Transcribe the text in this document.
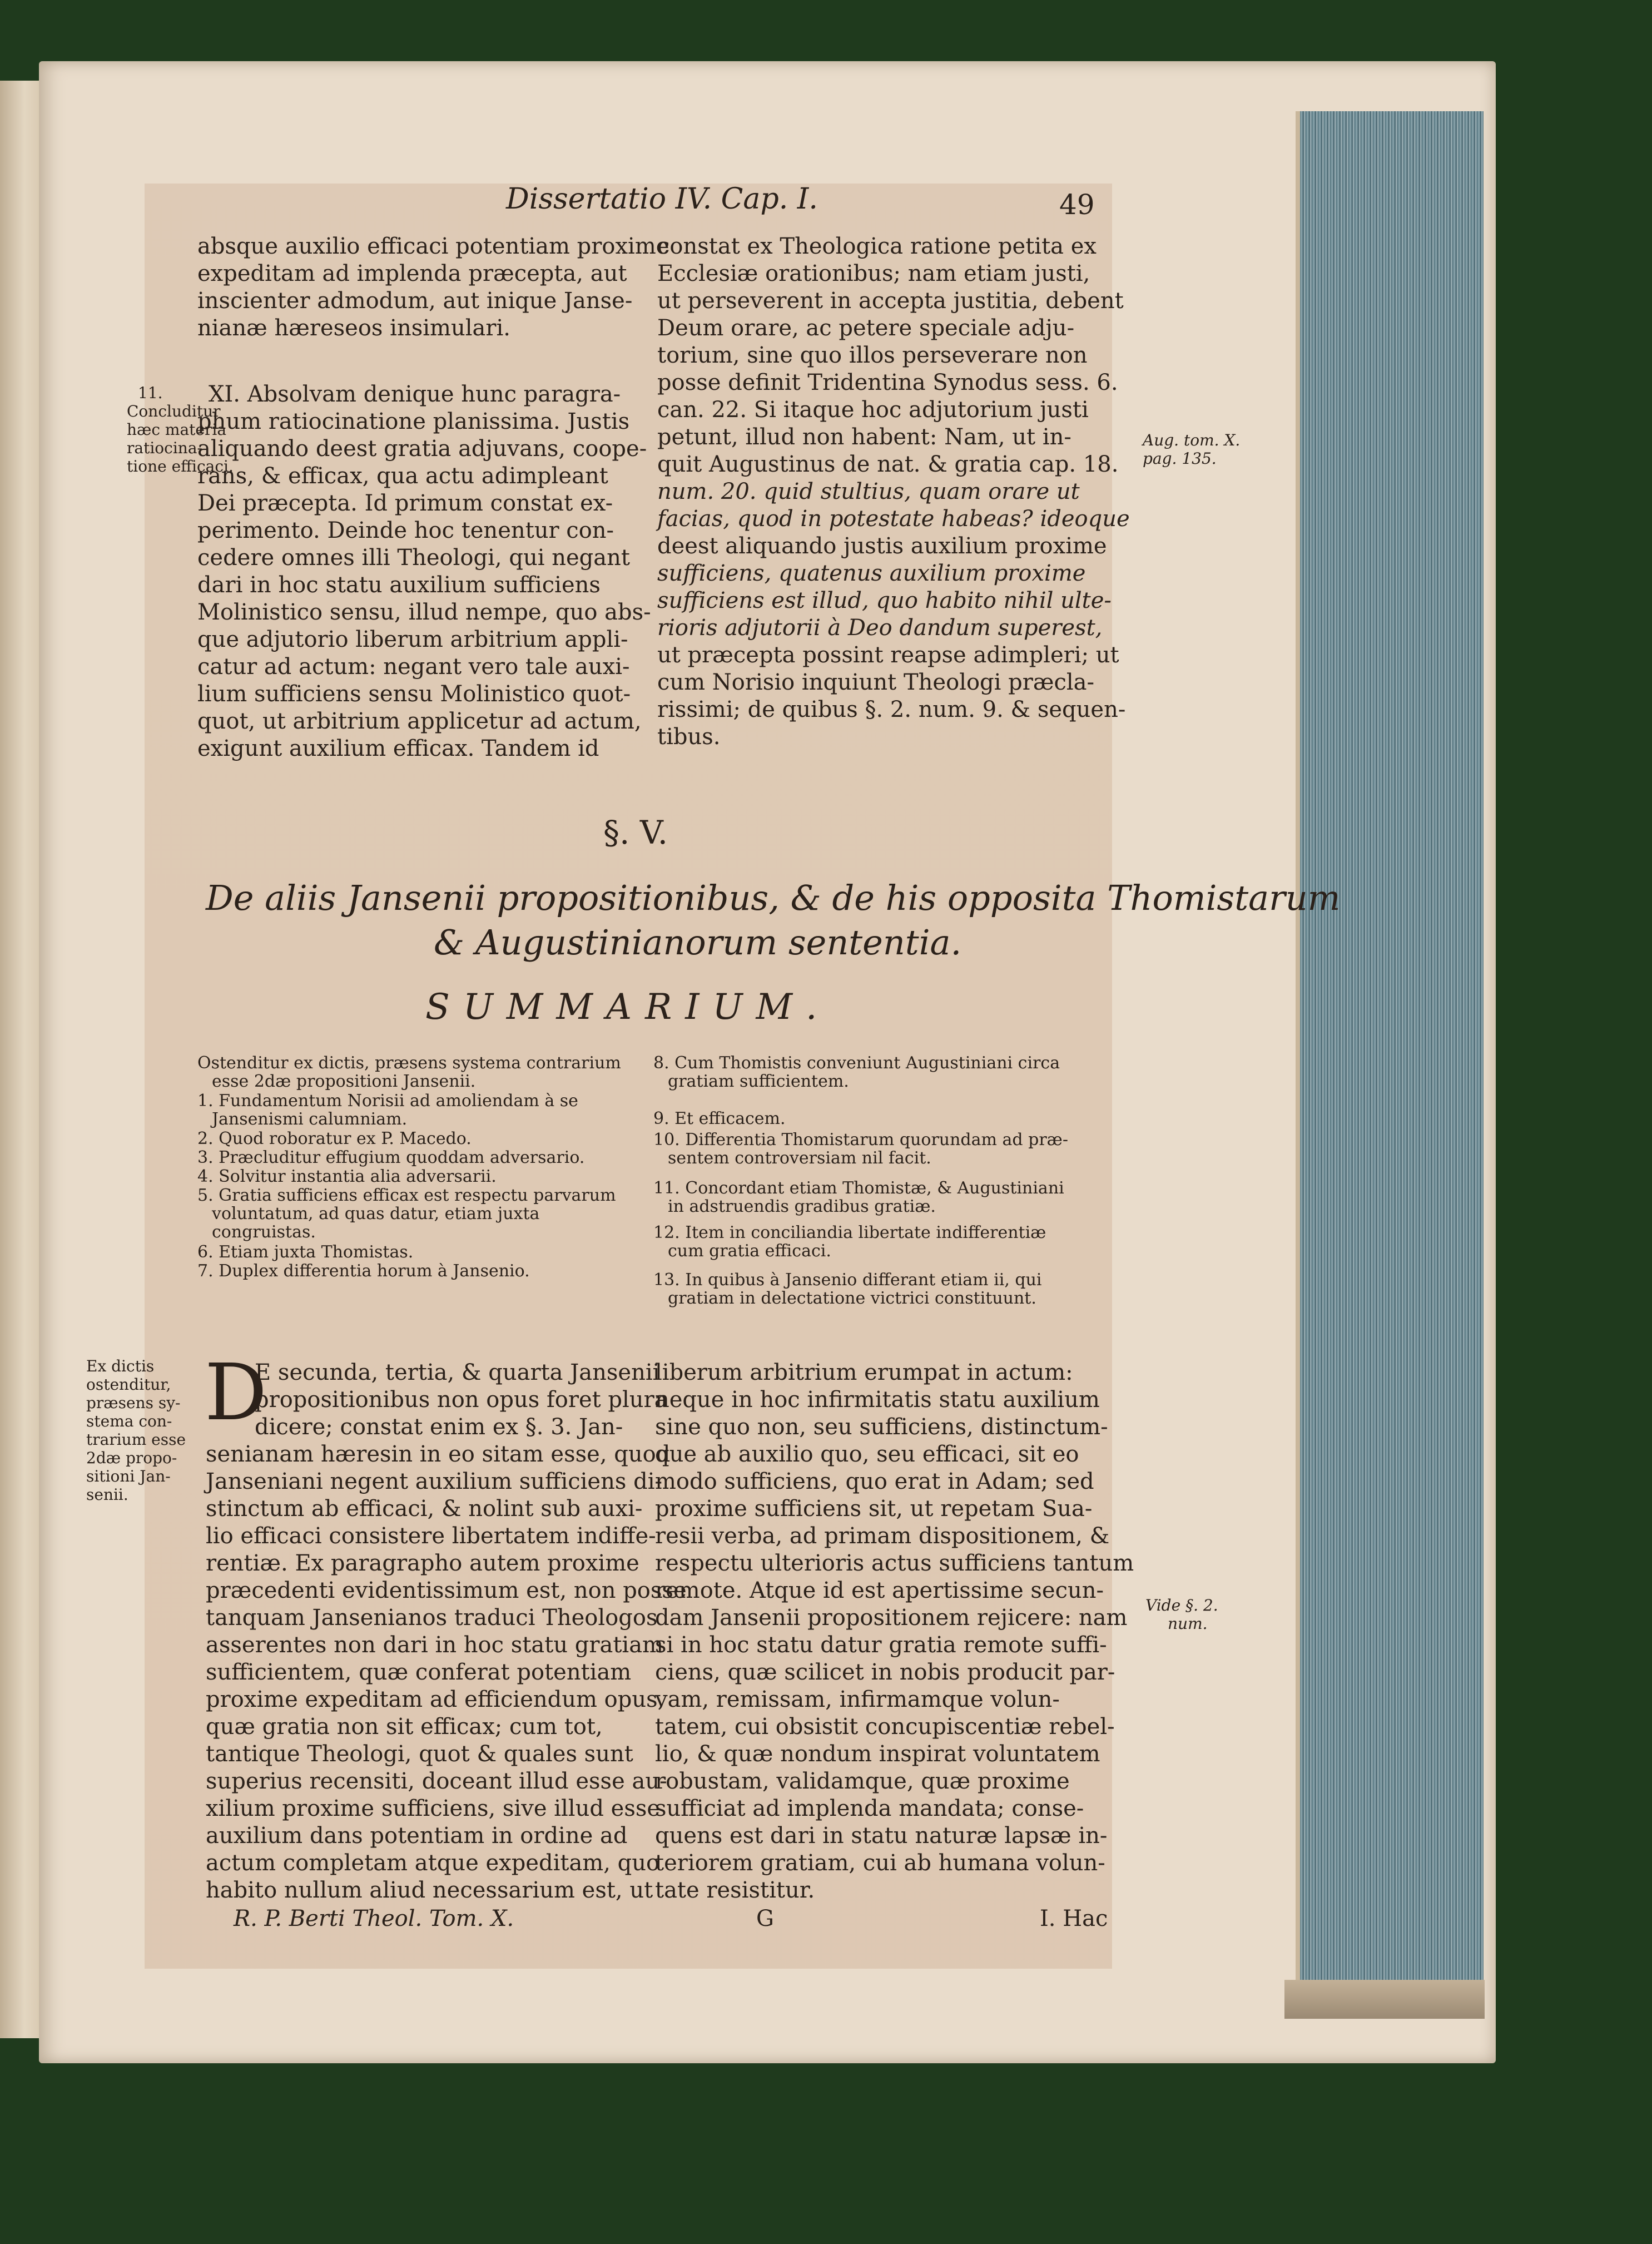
Dissertatio IV. Cap. I.	49
absque auxilio efficaci potentiam proxime
expeditam ad implenda præcepta, aut
inscienter admodum, aut inique Janse-
nianæ hæreseos insimulari.
XI. Absolvam denique hunc paragra-
phum ratiocinatione planissima. Justis
aliquando deest gratia adjuvans, coope-
rans, & efficax, qua actu adimpleant
Dei præcepta. Id primum constat ex-
perimento. Deinde hoc tenentur con-
cedere omnes illi Theologi, qui negant
dari in hoc statu auxilium sufficiens
Molinistico sensu, illud nempe, quo abs-
que adjutorio liberum arbitrium appli-
catur ad actum: negant vero tale auxi-
lium sufficiens sensu Molinistico quot-
quot, ut arbitrium applicetur ad actum,
exigunt auxilium efficax. Tandem id
constat ex Theologica ratione petita ex
Ecclesiæ orationibus; nam etiam justi,
ut perseverent in accepta justitia, debent
Deum orare, ac petere speciale adju-
torium, sine quo illos perseverare non
posse definit Tridentina Synodus sess. 6.
can. 22. Si itaque hoc adjutorium justi
petunt, illud non habent: Nam, ut in-
quit Augustinus de nat. & gratia cap. 18.
num. 20. quid stultius, quam orare ut
facias, quod in potestate habeas? ideoque
deest aliquando justis auxilium proxime
sufficiens, quatenus auxilium proxime
sufficiens est illud, quo habito nihil ulte-
rioris adjutorii à Deo dandum superest,
ut præcepta possint reapse adimpleri; ut
cum Norisio inquiunt Theologi præcla-
rissimi; de quibus §. 2. num. 9. & sequen-
tibus.
11.
Concluditur
hæc materia
ratiocina-
tione efficaci.
Aug. tom. X.
pag. 135.
§. V.
De aliis Jansenii propositionibus, & de his opposita Thomistarum
& Augustinianorum sententia.
SUMMARIUM.
Ostenditur ex dictis, præsens systema contrarium
esse 2dæ propositioni Jansenii.
1. Fundamentum Norisii ad amoliendam à se
Jansenismi calumniam.
2. Quod roboratur ex P. Macedo.
3. Præcluditur effugium quoddam adversario.
4. Solvitur instantia alia adversarii.
5. Gratia sufficiens efficax est respectu parvarum
voluntatum, ad quas datur, etiam juxta
congruistas.
6. Etiam juxta Thomistas.
7. Duplex differentia horum à Jansenio.
8. Cum Thomistis conveniunt Augustiniani circa
gratiam sufficientem.
9. Et efficacem.
10. Differentia Thomistarum quorundam ad præ-
sentem controversiam nil facit.
11. Concordant etiam Thomistæ, & Augustiniani
in adstruendis gradibus gratiæ.
12. Item in conciliandia libertate indifferentiæ
cum gratia efficaci.
13. In quibus à Jansenio differant etiam ii, qui
gratiam in delectatione victrici constituunt.
Ex dictis
ostenditur,
præsens sy-
stema con-
trarium esse
2dæ propo-
sitioni Jan-
senii.
Vide §. 2.
num.
D
E secunda, tertia, & quarta Jansenii
propositionibus non opus foret plura
dicere; constat enim ex §. 3. Jan-
senianam hæresin in eo sitam esse, quod
Janseniani negent auxilium sufficiens di-
stinctum ab efficaci, & nolint sub auxi-
lio efficaci consistere libertatem indiffe-
rentiæ. Ex paragrapho autem proxime
præcedenti evidentissimum est, non posse
tanquam Jansenianos traduci Theologos
asserentes non dari in hoc statu gratiam
sufficientem, quæ conferat potentiam
proxime expeditam ad efficiendum opus,
quæ gratia non sit efficax; cum tot,
tantique Theologi, quot & quales sunt
superius recensiti, doceant illud esse au-
xilium proxime sufficiens, sive illud esse
auxilium dans potentiam in ordine ad
actum completam atque expeditam, quo
habito nullum aliud necessarium est, ut
liberum arbitrium erumpat in actum:
neque in hoc infirmitatis statu auxilium
sine quo non, seu sufficiens, distinctum-
que ab auxilio quo, seu efficaci, sit eo
modo sufficiens, quo erat in Adam; sed
proxime sufficiens sit, ut repetam Sua-
resii verba, ad primam dispositionem, &
respectu ulterioris actus sufficiens tantum
remote. Atque id est apertissime secun-
dam Jansenii propositionem rejicere: nam
si in hoc statu datur gratia remote suffi-
ciens, quæ scilicet in nobis producit par-
vam, remissam, infirmamque volun-
tatem, cui obsistit concupiscentiæ rebel-
lio, & quæ nondum inspirat voluntatem
robustam, validamque, quæ proxime
sufficiat ad implenda mandata; conse-
quens est dari in statu naturæ lapsæ in-
teriorem gratiam, cui ab humana volun-
tate resistitur.
R. P. Berti Theol. Tom. X.	G	I. Hac
